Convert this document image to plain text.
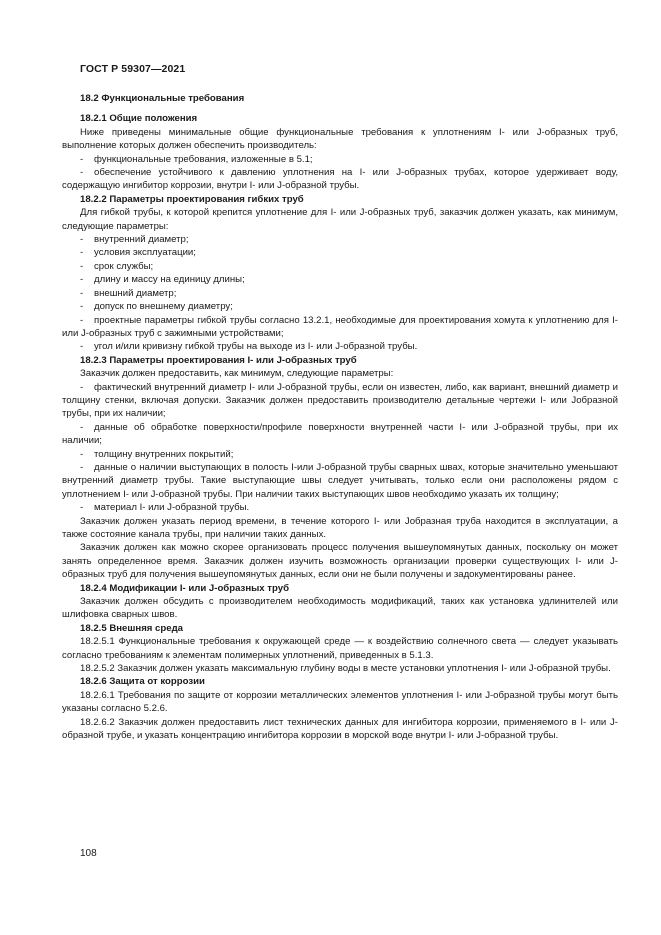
ГОСТ Р 59307—2021

18.2 Функциональные требования

18.2.1 Общие положения

Ниже приведены минимальные общие функциональные требования к уплотнениям I- или J-образных труб, выполнение которых должен обеспечить производитель:

- функциональные требования, изложенные в 5.1;

- обеспечение устойчивого к давлению уплотнения на I- или J-образных трубах, которое удерживает воду, содержащую ингибитор коррозии, внутри I- или J-образной трубы.

18.2.2 Параметры проектирования гибких труб

Для гибкой трубы, к которой крепится уплотнение для I- или J-образных труб, заказчик должен указать, как минимум, следующие параметры:

- внутренний диаметр;

- условия эксплуатации;

- срок службы;

- длину и массу на единицу длины;

- внешний диаметр;

- допуск по внешнему диаметру;

- проектные параметры гибкой трубы согласно 13.2.1, необходимые для проектирования хомута к уплотнению для I- или J-образных труб с зажимными устройствами;

- угол и/или кривизну гибкой трубы на выходе из I- или J-образной трубы.

18.2.3 Параметры проектирования I- или J-образных труб

Заказчик должен предоставить, как минимум, следующие параметры:

- фактический внутренний диаметр I- или J-образной трубы, если он известен, либо, как вариант, внешний диаметр и толщину стенки, включая допуски. Заказчик должен предоставить производителю детальные чертежи I- или Jобразной трубы, при их наличии;

- данные об обработке поверхности/профиле поверхности внутренней части I- или J-образной трубы, при их наличии;

- толщину внутренних покрытий;

- данные о наличии выступающих в полость I-или J-образной трубы сварных швах, которые значительно уменьшают внутренний диаметр трубы. Такие выступающие швы следует учитывать, только если они расположены рядом с уплотнением I- или J-образной трубы. При наличии таких выступающих швов необходимо указать их толщину;

- материал I- или J-образной трубы.

Заказчик должен указать период времени, в течение которого I- или Jобразная труба находится в эксплуатации, а также состояние канала трубы, при наличии таких данных.

Заказчик должен как можно скорее организовать процесс получения вышеупомянутых данных, поскольку он может занять определенное время. Заказчик должен изучить возможность организации проверки существующих I- или J-образных труб для получения вышеупомянутых данных, если они не были получены и задокументированы ранее.

18.2.4 Модификации I- или J-образных труб

Заказчик должен обсудить с производителем необходимость модификаций, таких как установка удлинителей или шлифовка сварных швов.

18.2.5 Внешняя среда

18.2.5.1 Функциональные требования к окружающей среде — к воздействию солнечного света — следует указывать согласно требованиям к элементам полимерных уплотнений, приведенных в 5.1.3.

18.2.5.2 Заказчик должен указать максимальную глубину воды в месте установки уплотнения I- или J-образной трубы.

18.2.6 Защита от коррозии

18.2.6.1 Требования по защите от коррозии металлических элементов уплотнения I- или J-образной трубы могут быть указаны согласно 5.2.6.

18.2.6.2 Заказчик должен предоставить лист технических данных для ингибитора коррозии, применяемого в I- или J-образной трубе, и указать концентрацию ингибитора коррозии в морской воде внутри I- или J-образной трубы.

108
